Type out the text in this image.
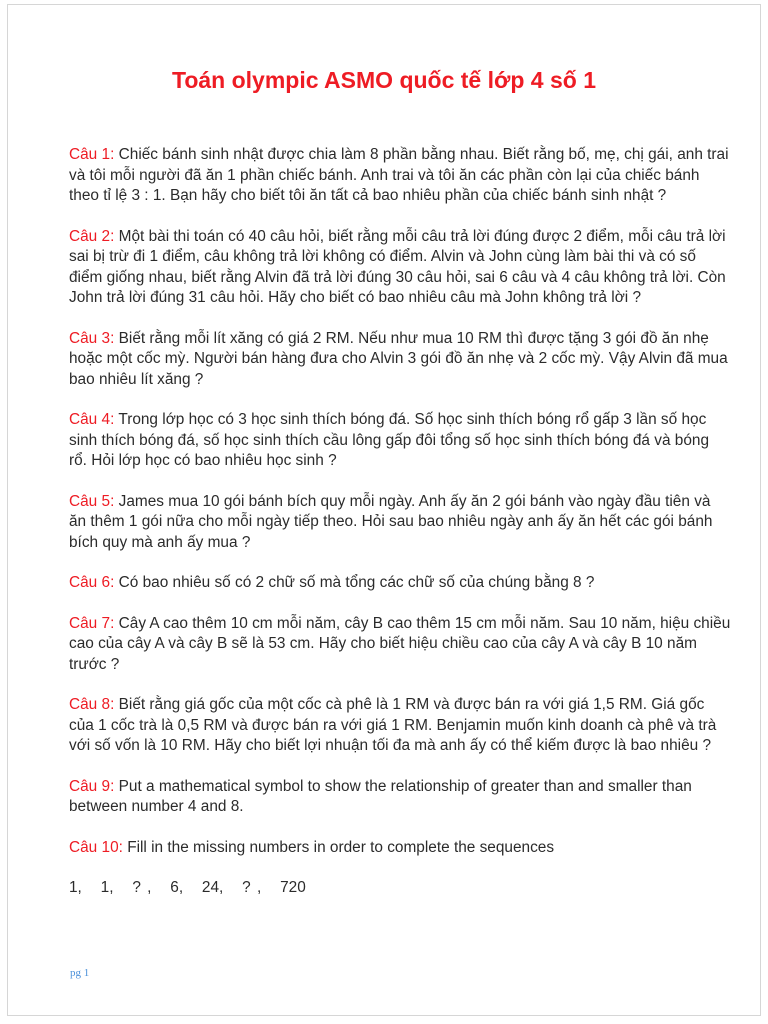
Toán olympic ASMO quốc tế lớp 4 số 1

Câu 1: Chiếc bánh sinh nhật được chia làm 8 phần bằng nhau. Biết rằng bố, mẹ, chị gái, anh trai và tôi mỗi người đã ăn 1 phần chiếc bánh. Anh trai và tôi ăn các phần còn lại của chiếc bánh theo tỉ lệ 3 : 1. Bạn hãy cho biết tôi ăn tất cả bao nhiêu phần của chiếc bánh sinh nhật ?

Câu 2: Một bài thi toán có 40 câu hỏi, biết rằng mỗi câu trả lời đúng được 2 điểm, mỗi câu trả lời sai bị trừ đi 1 điểm, câu không trả lời không có điểm. Alvin và John cùng làm bài thi và có số điểm giống nhau, biết rằng Alvin đã trả lời đúng 30 câu hỏi, sai 6 câu và 4 câu không trả lời. Còn John trả lời đúng 31 câu hỏi. Hãy cho biết có bao nhiêu câu mà John không trả lời ?

Câu 3: Biết rằng mỗi lít xăng có giá 2 RM. Nếu như mua 10 RM thì được tặng 3 gói đồ ăn nhẹ hoặc một cốc mỳ. Người bán hàng đưa cho Alvin 3 gói đồ ăn nhẹ và 2 cốc mỳ. Vậy Alvin đã mua bao nhiêu lít xăng ?

Câu 4: Trong lớp học có 3 học sinh thích bóng đá. Số học sinh thích bóng rổ gấp 3 lần số học sinh thích bóng đá, số học sinh thích cầu lông gấp đôi tổng số học sinh thích bóng đá và bóng rổ. Hỏi lớp học có bao nhiêu học sinh ?

Câu 5: James mua 10 gói bánh bích quy mỗi ngày. Anh ấy ăn 2 gói bánh vào ngày đầu tiên và ăn thêm 1 gói nữa cho mỗi ngày tiếp theo. Hỏi sau bao nhiêu ngày anh ấy ăn hết các gói bánh bích quy mà anh ấy mua ?

Câu 6: Có bao nhiêu số có 2 chữ số mà tổng các chữ số của chúng bằng 8 ?

Câu 7: Cây A cao thêm 10 cm mỗi năm, cây B cao thêm 15 cm mỗi năm. Sau 10 năm, hiệu chiều cao của cây A và cây B sẽ là 53 cm. Hãy cho biết hiệu chiều cao của cây A và cây B 10 năm trước ?

Câu 8: Biết rằng giá gốc của một cốc cà phê là 1 RM và được bán ra với giá 1,5 RM. Giá gốc của 1 cốc trà là 0,5 RM và được bán ra với giá 1 RM. Benjamin muốn kinh doanh cà phê và trà với số vốn là 10 RM. Hãy cho biết lợi nhuận tối đa mà anh ấy có thể kiếm được là bao nhiêu ?

Câu 9: Put a mathematical symbol to show the relationship of greater than and smaller than between number 4 and 8.

Câu 10: Fill in the missing numbers in order to complete the sequences

1,   1,   ? ,   6,   24,   ? ,   720

pg 1
